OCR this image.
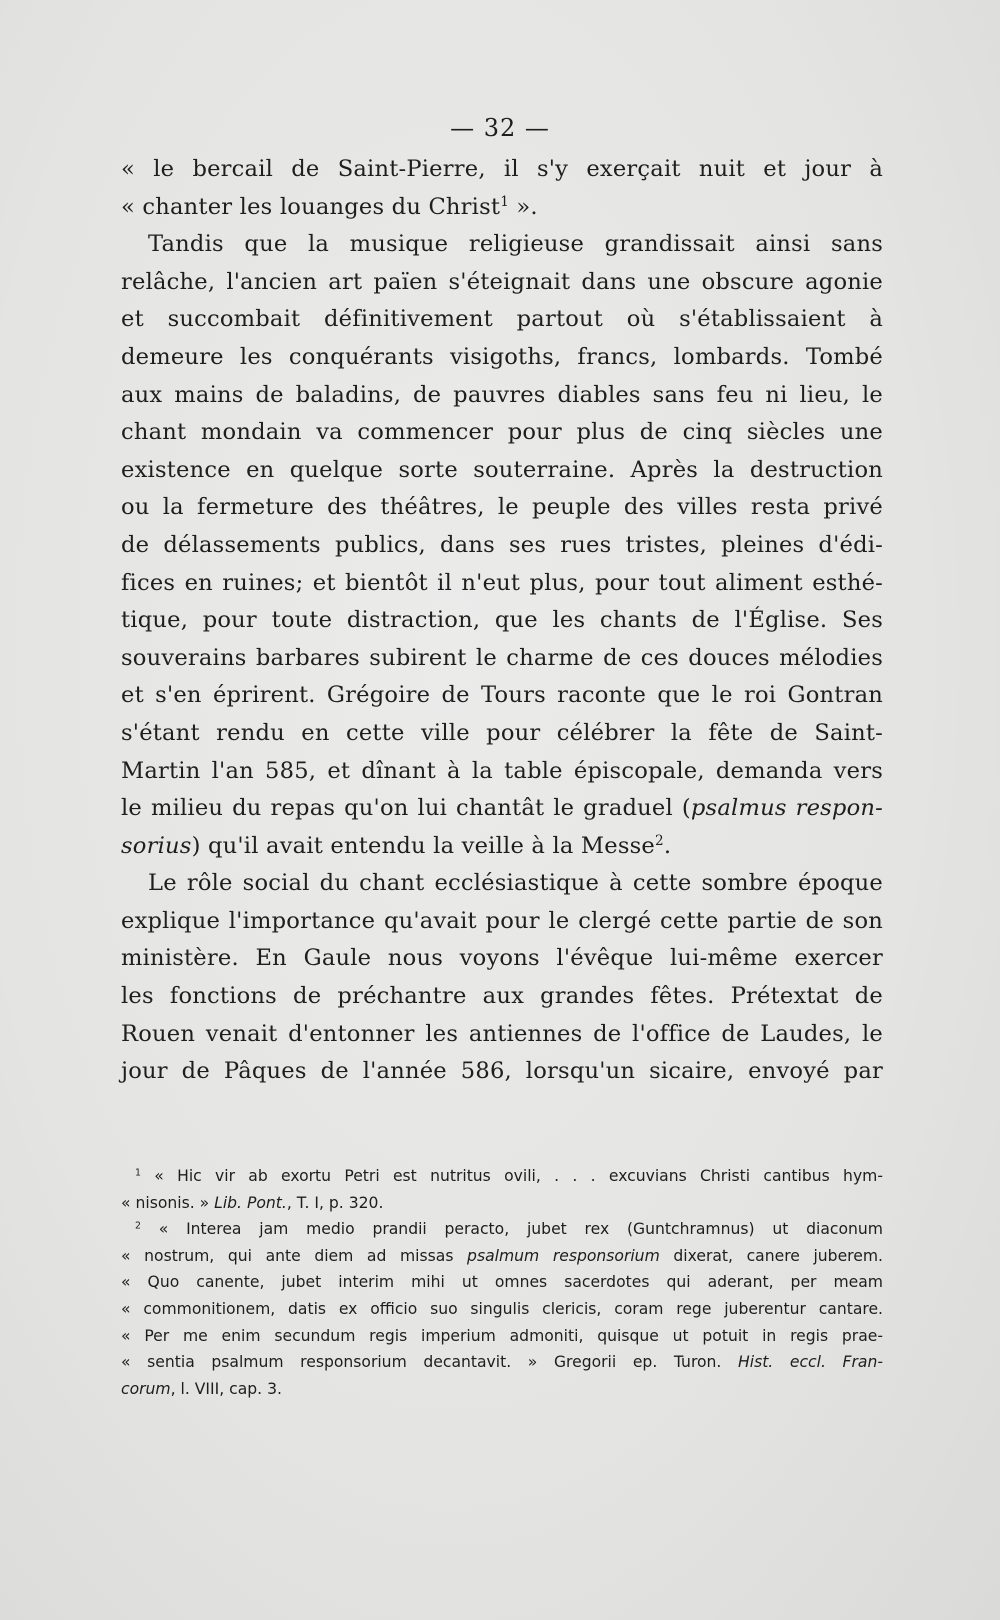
— 32 —

« le bercail de Saint-Pierre, il s'y exerçait nuit et jour à

« chanter les louanges du Christ$^1$ ».

Tandis que la musique religieuse grandissait ainsi sans

relâche, l'ancien art païen s'éteignait dans une obscure agonie

et succombait définitivement partout où s'établissaient à

demeure les conquérants visigoths, francs, lombards. Tombé

aux mains de baladins, de pauvres diables sans feu ni lieu, le

chant mondain va commencer pour plus de cinq siècles une

existence en quelque sorte souterraine. Après la destruction

ou la fermeture des théâtres, le peuple des villes resta privé

de délassements publics, dans ses rues tristes, pleines d'édi-

fices en ruines; et bientôt il n'eut plus, pour tout aliment esthé-

tique, pour toute distraction, que les chants de l'Église. Ses

souverains barbares subirent le charme de ces douces mélodies

et s'en éprirent. Grégoire de Tours raconte que le roi Gontran

s'étant rendu en cette ville pour célébrer la fête de Saint-

Martin l'an 585, et dînant à la table épiscopale, demanda vers

le milieu du repas qu'on lui chantât le graduel (psalmus respon-

sorius) qu'il avait entendu la veille à la Messe$^2$.

Le rôle social du chant ecclésiastique à cette sombre époque

explique l'importance qu'avait pour le clergé cette partie de son

ministère. En Gaule nous voyons l'évêque lui-même exercer

les fonctions de préchantre aux grandes fêtes. Prétextat de

Rouen venait d'entonner les antiennes de l'office de Laudes, le

jour de Pâques de l'année 586, lorsqu'un sicaire, envoyé par

$^1$ « Hic vir ab exortu Petri est nutritus ovili, . . . excuvians Christi cantibus hym-

« nisonis. » Lib. Pont., T. I, p. 320.

$^2$ « Interea jam medio prandii peracto, jubet rex (Guntchramnus) ut diaconum

« nostrum, qui ante diem ad missas psalmum responsorium dixerat, canere juberem.

« Quo canente, jubet interim mihi ut omnes sacerdotes qui aderant, per meam

« commonitionem, datis ex officio suo singulis clericis, coram rege juberentur cantare.

« Per me enim secundum regis imperium admoniti, quisque ut potuit in regis prae-

« sentia psalmum responsorium decantavit. » Gregorii ep. Turon. Hist. eccl. Fran-

corum, l. VIII, cap. 3.
